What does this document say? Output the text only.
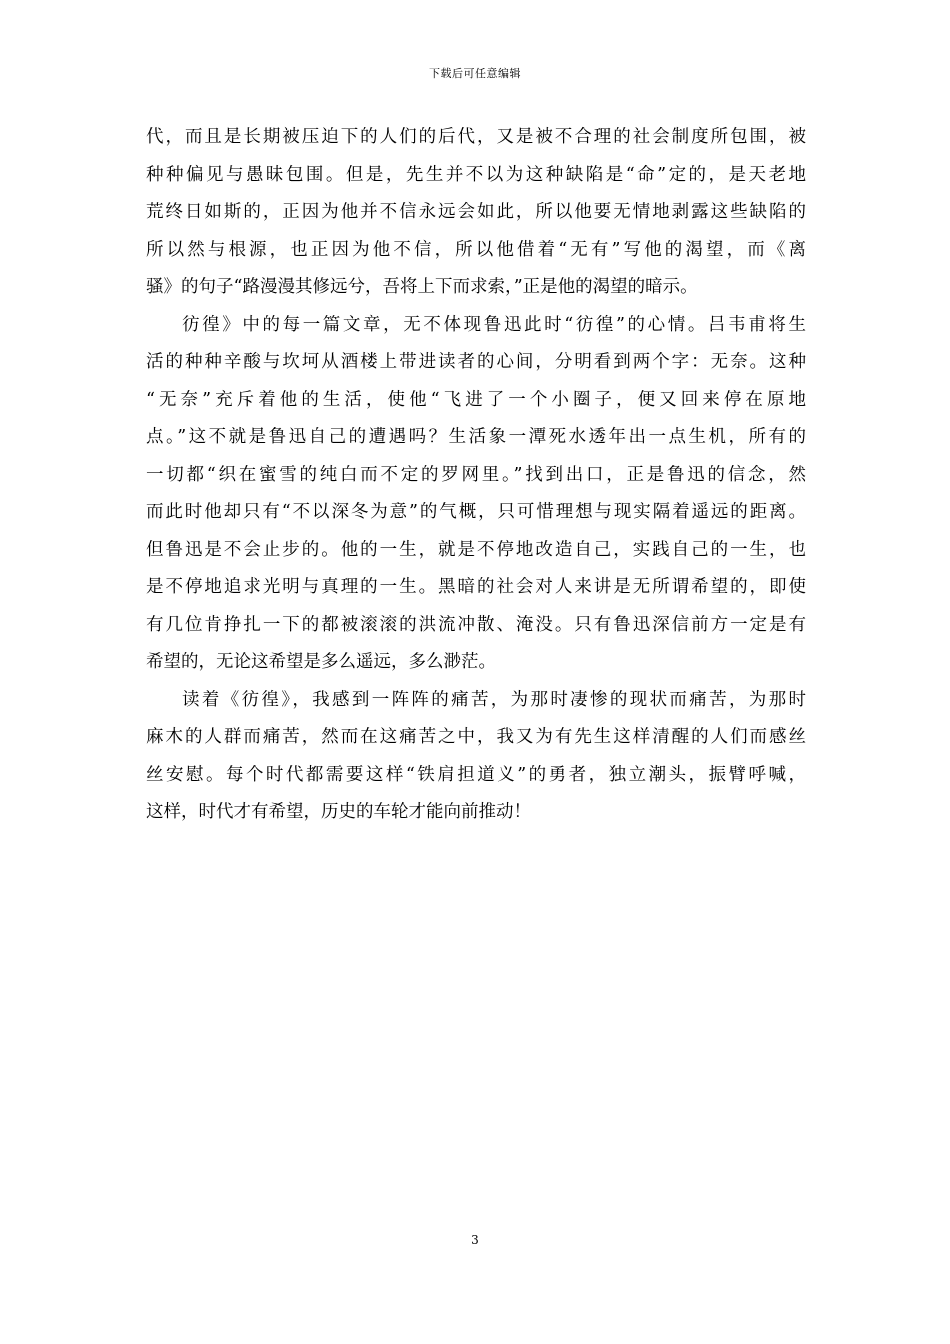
下载后可任意编辑
代，而且是长期被压迫下的人们的后代，又是被不合理的社会制度所包围，被
种种偏见与愚昧包围。但是，先生并不以为这种缺陷是“命”定的，是天老地
荒终日如斯的，正因为他并不信永远会如此，所以他要无情地剥露这些缺陷的
所以然与根源，也正因为他不信，所以他借着“无有”写他的渴望，而《离
骚》的句子“路漫漫其修远兮，吾将上下而求索，”正是他的渴望的暗示。
彷徨》中的每一篇文章，无不体现鲁迅此时“彷徨”的心情。吕韦甫将生
活的种种辛酸与坎坷从酒楼上带进读者的心间，分明看到两个字：无奈。这种
“无奈”充斥着他的生活，使他“飞进了一个小圈子，便又回来停在原地
点。”这不就是鲁迅自己的遭遇吗？生活象一潭死水透年出一点生机，所有的
一切都“织在蜜雪的纯白而不定的罗网里。”找到出口，正是鲁迅的信念，然
而此时他却只有“不以深冬为意”的气概，只可惜理想与现实隔着遥远的距离。
但鲁迅是不会止步的。他的一生，就是不停地改造自己，实践自己的一生，也
是不停地追求光明与真理的一生。黑暗的社会对人来讲是无所谓希望的，即使
有几位肯挣扎一下的都被滚滚的洪流冲散、淹没。只有鲁迅深信前方一定是有
希望的，无论这希望是多么遥远，多么渺茫。
读着《彷徨》，我感到一阵阵的痛苦，为那时凄惨的现状而痛苦，为那时
麻木的人群而痛苦，然而在这痛苦之中，我又为有先生这样清醒的人们而感丝
丝安慰。每个时代都需要这样“铁肩担道义”的勇者，独立潮头，振臂呼喊，
这样，时代才有希望，历史的车轮才能向前推动！
3
